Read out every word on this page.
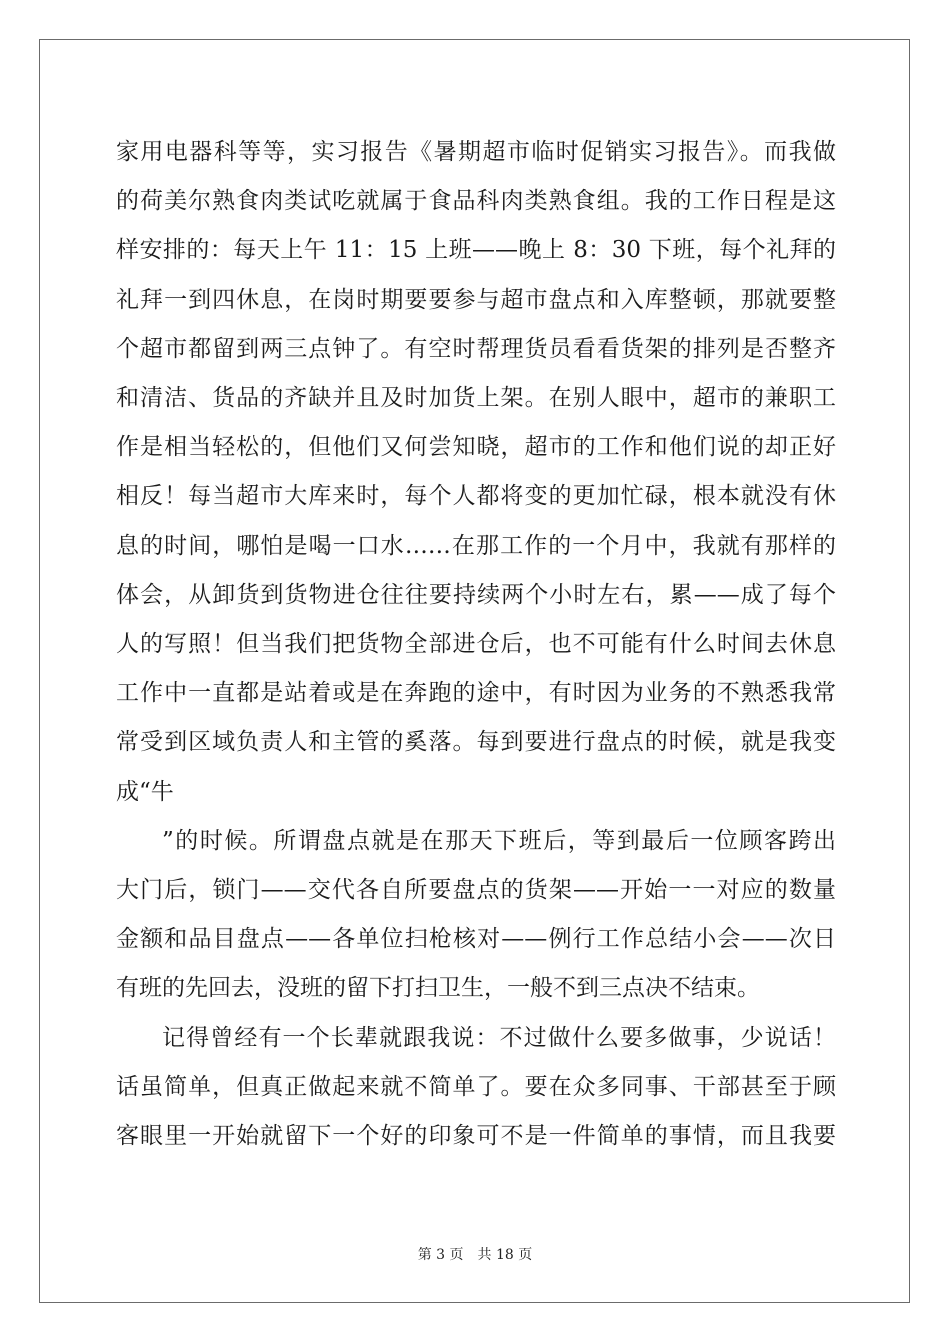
家用电器科等等，实习报告《暑期超市临时促销实习报告》。而我做
的荷美尔熟食肉类试吃就属于食品科肉类熟食组。我的工作日程是这
样安排的：每天上午 11：15 上班——晚上 8：30 下班，每个礼拜的
礼拜一到四休息，在岗时期要要参与超市盘点和入库整顿，那就要整
个超市都留到两三点钟了。有空时帮理货员看看货架的排列是否整齐
和清洁、货品的齐缺并且及时加货上架。在别人眼中，超市的兼职工
作是相当轻松的，但他们又何尝知晓，超市的工作和他们说的却正好
相反！每当超市大库来时，每个人都将变的更加忙碌，根本就没有休
息的时间，哪怕是喝一口水……在那工作的一个月中，我就有那样的
体会，从卸货到货物进仓往往要持续两个小时左右，累——成了每个
人的写照！但当我们把货物全部进仓后，也不可能有什么时间去休息
工作中一直都是站着或是在奔跑的途中，有时因为业务的不熟悉我常
常受到区域负责人和主管的奚落。每到要进行盘点的时候，就是我变
成“牛
”的时候。所谓盘点就是在那天下班后，等到最后一位顾客跨出
大门后，锁门——交代各自所要盘点的货架——开始一一对应的数量
金额和品目盘点——各单位扫枪核对——例行工作总结小会——次日
有班的先回去，没班的留下打扫卫生，一般不到三点决不结束。
记得曾经有一个长辈就跟我说：不过做什么要多做事，少说话！
话虽简单，但真正做起来就不简单了。要在众多同事、干部甚至于顾
客眼里一开始就留下一个好的印象可不是一件简单的事情，而且我要
第 3 页 共 18 页
